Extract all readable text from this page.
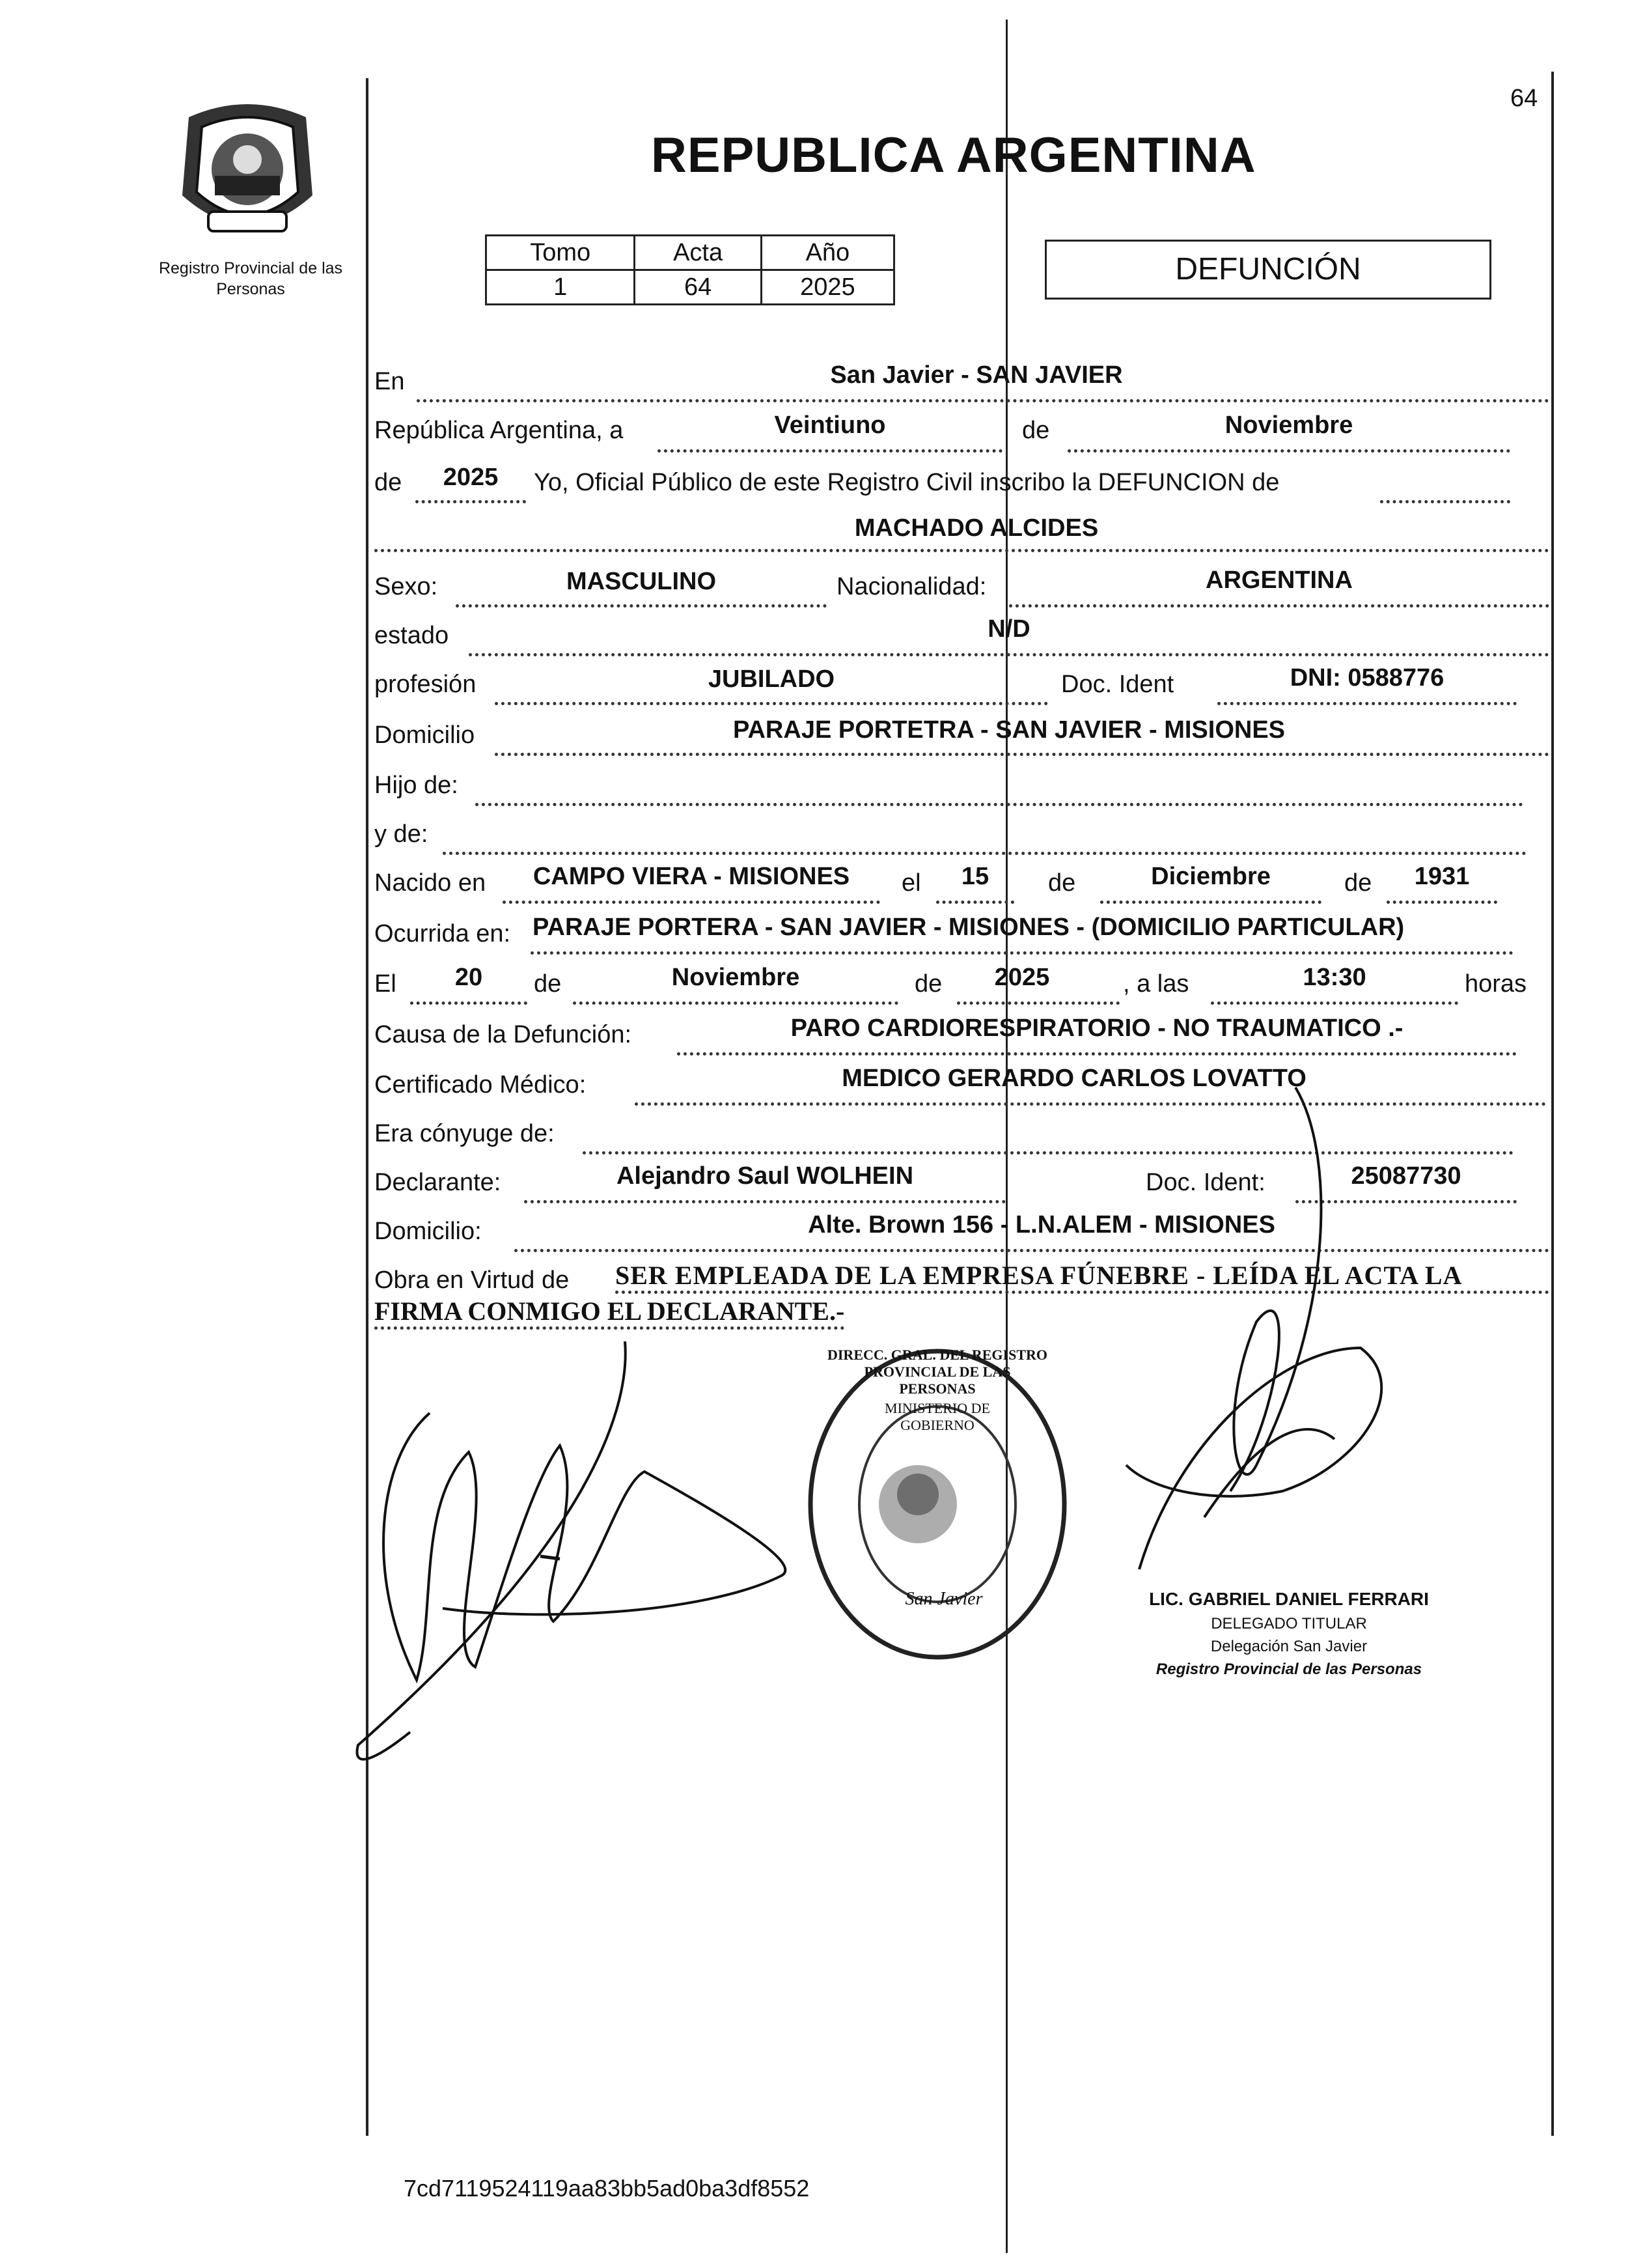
64
Registro Provincial de las Personas
REPUBLICA ARGENTINA
Tomo	Acta	Año
1	64	2025
DEFUNCIÓN
En	San Javier - SAN JAVIER
República Argentina, a	Veintiuno	de	Noviembre
de	2025	Yo, Oficial Público de este Registro Civil inscribo la DEFUNCION de
MACHADO ALCIDES
Sexo:	MASCULINO	Nacionalidad:	ARGENTINA
estado	N/D
profesión	JUBILADO	Doc. Ident	DNI: 0588776
Domicilio	PARAJE PORTETRA - SAN JAVIER - MISIONES
Hijo de:
y de:
Nacido en	CAMPO VIERA - MISIONES	el	15	de	Diciembre	de	1931
Ocurrida en: PARAJE PORTERA - SAN JAVIER - MISIONES - (DOMICILIO PARTICULAR)
El	20	de	Noviembre	de	2025	, a las	13:30	horas
Causa de la Defunción:	PARO CARDIORESPIRATORIO - NO TRAUMATICO .-
Certificado Médico:	MEDICO GERARDO CARLOS LOVATTO
Era cónyuge de:
Declarante:	Alejandro Saul WOLHEIN	Doc. Ident:	25087730
Domicilio:	Alte. Brown 156 - L.N.ALEM - MISIONES
Obra en Virtud de SER EMPLEADA DE LA EMPRESA FÚNEBRE - LEÍDA EL ACTA LA
FIRMA CONMIGO EL DECLARANTE.-
DIRECC. GRAL. DEL REGISTRO PROVINCIAL DE LAS PERSONAS
MINISTERIO DE GOBIERNO
San Javier	LIC. GABRIEL DANIEL FERRARI
DELEGADO TITULAR
Delegación San Javier
Registro Provincial de las Personas
7cd7119524119aa83bb5ad0ba3df8552
